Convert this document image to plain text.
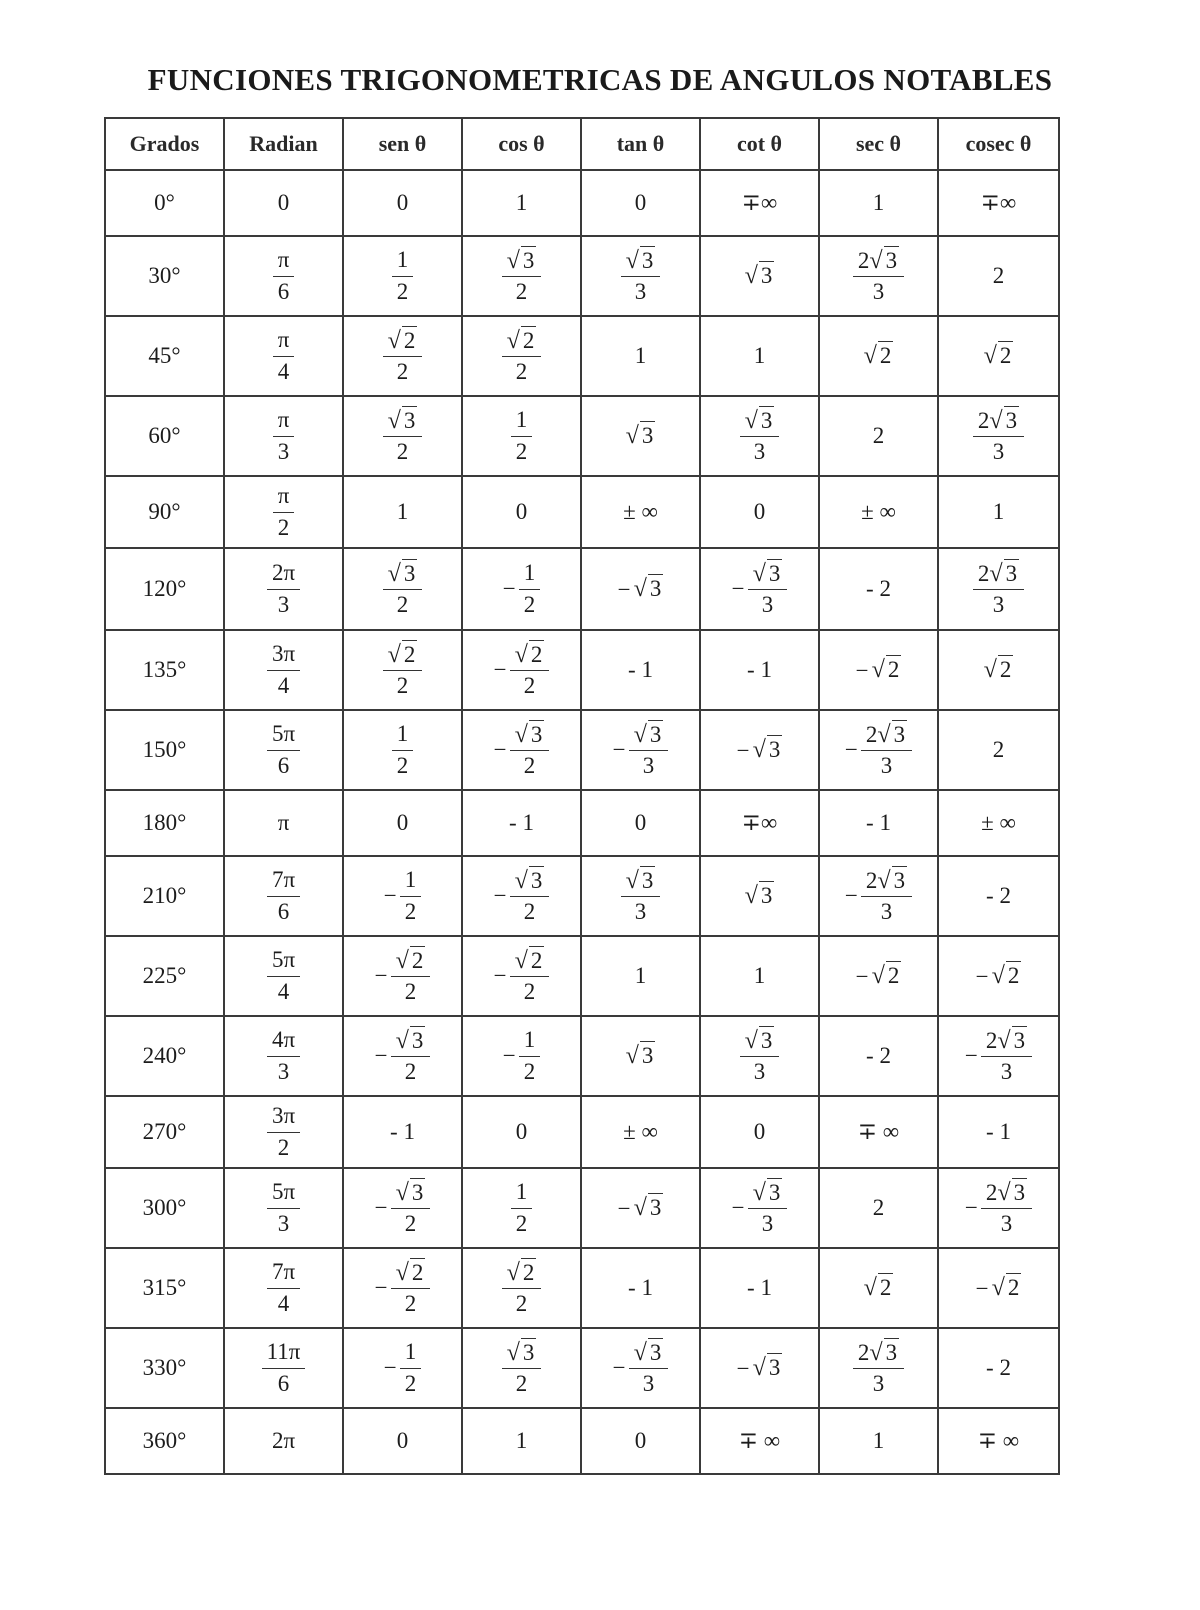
FUNCIONES TRIGONOMETRICAS DE ANGULOS NOTABLES
Grados	Radian	sen θ	cos θ	tan θ	cot θ	sec θ	cosec θ
0°	0	0	1	0	∓∞	1	∓∞
30°	$\frac{\pi}{6}$	$\frac{1}{2}$	$\frac{√ 3}{2}$	$\frac{√ 3}{3}$	√ 3	$\frac{2√ 3}{3}$	2
45°	$\frac{\pi}{4}$	$\frac{√ 2}{2}$	$\frac{√ 2}{2}$	1	1	√ 2	√ 2
60°	$\frac{\pi}{3}$	$\frac{√ 3}{2}$	$\frac{1}{2}$	√ 3	$\frac{√ 3}{3}$	2	$\frac{2√ 3}{3}$

90°	$\frac{\pi}{2}$	1	0	± ∞	0	± ∞	1
120°	$\frac{2\pi}{3}$	$\frac{√ 3}{2}$	− $\frac{1}{2}$	− √ 3	− $\frac{√ 3}{3}$	- 2	$\frac{2√ 3}{3}$

135°	$\frac{3\pi}{4}$	$\frac{√ 2}{2}$	− $\frac{√ 2}{2}$	- 1	- 1	− √ 2	√ 2
150°	$\frac{5\pi}{6}$	$\frac{1}{2}$	− $\frac{√ 3}{2}$	− $\frac{√ 3}{3}$	− √ 3	− $\frac{2√ 3}{3}$	2
180°	π	0	- 1	0	∓∞	- 1	± ∞
210°	$\frac{7\pi}{6}$	− $\frac{1}{2}$	− $\frac{√ 3}{2}$	$\frac{√ 3}{3}$	√ 3	− $\frac{2√ 3}{3}$	- 2
225°	$\frac{5\pi}{4}$	− $\frac{√ 2}{2}$	− $\frac{√ 2}{2}$	1	1	− √ 2	− √ 2
240°	$\frac{4\pi}{3}$	− $\frac{√ 3}{2}$	− $\frac{1}{2}$	√ 3	$\frac{√ 3}{3}$	- 2	− $\frac{2√ 3}{3}$

270°	$\frac{3\pi}{2}$	- 1	0	± ∞	0	∓ ∞	- 1
300°	$\frac{5\pi}{3}$	− $\frac{√ 3}{2}$	$\frac{1}{2}$	− √ 3	− $\frac{√ 3}{3}$	2	− $\frac{2√ 3}{3}$

315°	$\frac{7\pi}{4}$	− $\frac{√ 2}{2}$	$\frac{√ 2}{2}$	- 1	- 1	√ 2	− √ 2
330°	$\frac{11\pi}{6}$	− $\frac{1}{2}$	$\frac{√ 3}{2}$	− $\frac{√ 3}{3}$	− √ 3	$\frac{2√ 3}{3}$	- 2
360°	2π	0	1	0	∓ ∞	1	∓ ∞
